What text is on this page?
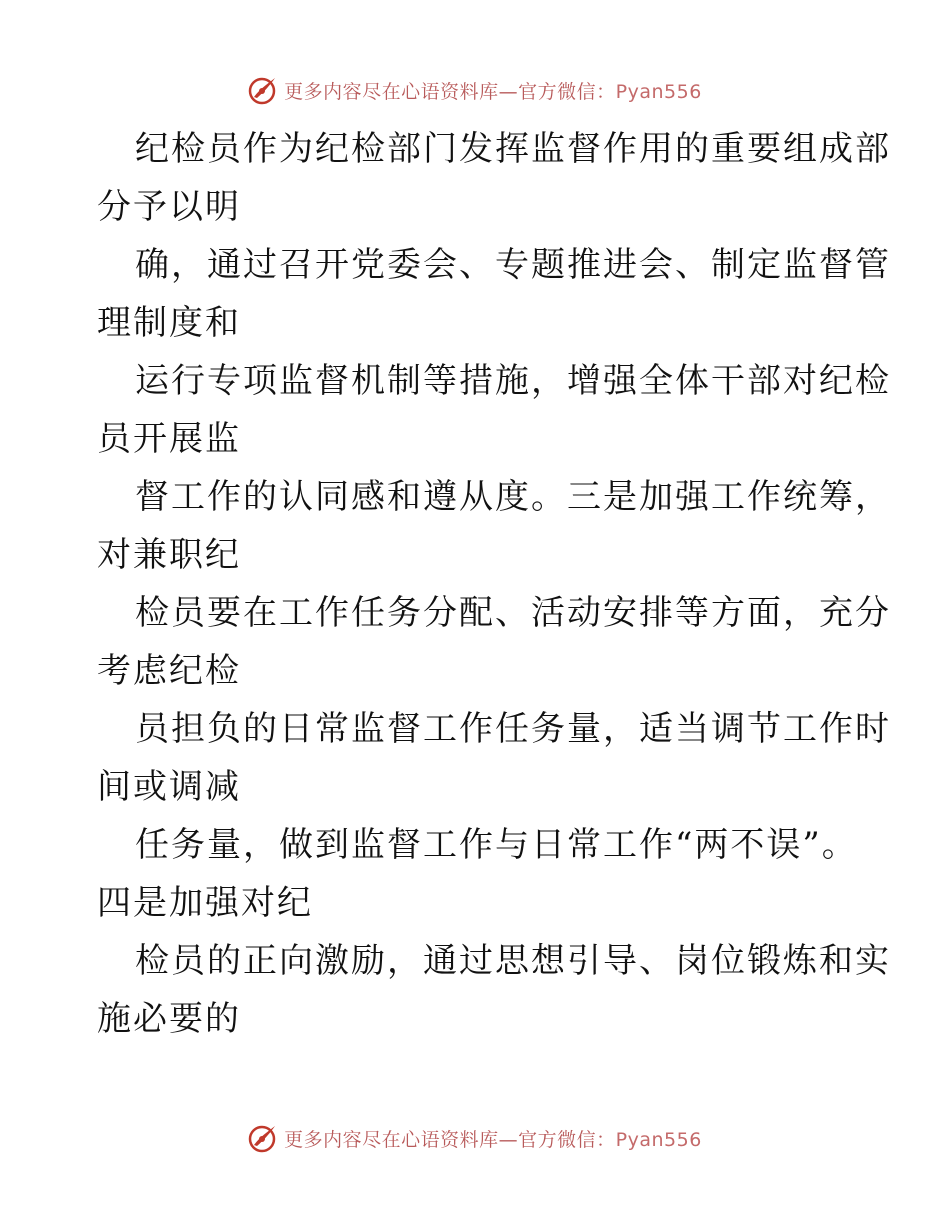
更多内容尽在心语资料库—官方微信：Pyan556
纪检员作为纪检部门发挥监督作用的重要组成部
分予以明
确，通过召开党委会、专题推进会、制定监督管
理制度和
运行专项监督机制等措施，增强全体干部对纪检
员开展监
督工作的认同感和遵从度。三是加强工作统筹，
对兼职纪
检员要在工作任务分配、活动安排等方面，充分
考虑纪检
员担负的日常监督工作任务量，适当调节工作时
间或调减
任务量，做到监督工作与日常工作“两不误”。
四是加强对纪
检员的正向激励，通过思想引导、岗位锻炼和实
施必要的
更多内容尽在心语资料库—官方微信：Pyan556
